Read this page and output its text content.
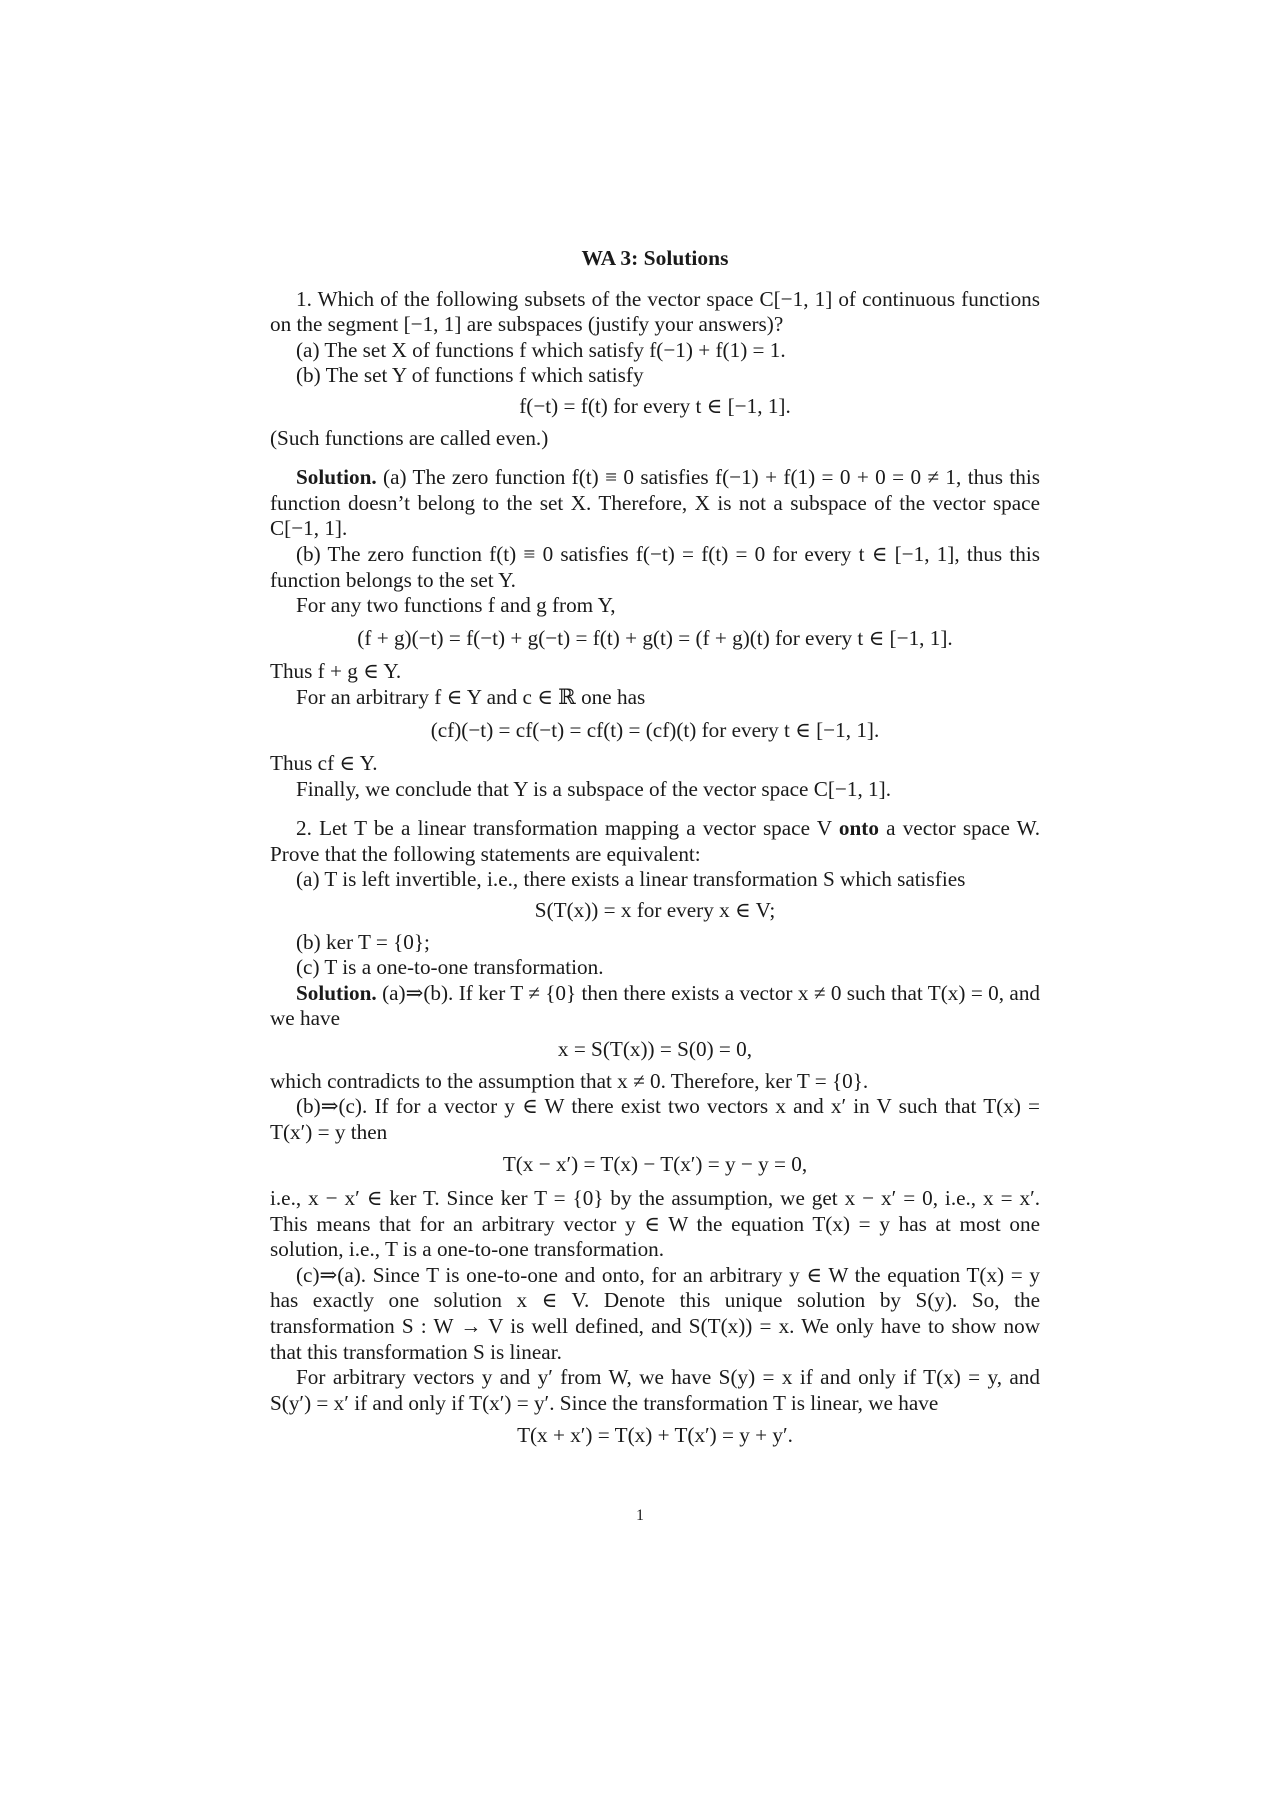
WA 3: Solutions

1. Which of the following subsets of the vector space C[−1, 1] of continuous functions on the segment [−1, 1] are subspaces (justify your answers)?

(a) The set X of functions f which satisfy f(−1) + f(1) = 1.

(b) The set Y of functions f which satisfy

f(−t) = f(t) for every t ∈ [−1, 1].

(Such functions are called even.)

Solution. (a) The zero function f(t) ≡ 0 satisfies f(−1) + f(1) = 0 + 0 = 0 ≠ 1, thus this function doesn’t belong to the set X. Therefore, X is not a subspace of the vector space C[−1, 1].

(b) The zero function f(t) ≡ 0 satisfies f(−t) = f(t) = 0 for every t ∈ [−1, 1], thus this function belongs to the set Y.

For any two functions f and g from Y,

(f + g)(−t) = f(−t) + g(−t) = f(t) + g(t) = (f + g)(t) for every t ∈ [−1, 1].

Thus f + g ∈ Y.

For an arbitrary f ∈ Y and c ∈ ℝ one has

(cf)(−t) = cf(−t) = cf(t) = (cf)(t) for every t ∈ [−1, 1].

Thus cf ∈ Y.

Finally, we conclude that Y is a subspace of the vector space C[−1, 1].

2. Let T be a linear transformation mapping a vector space V onto a vector space W. Prove that the following statements are equivalent:

(a) T is left invertible, i.e., there exists a linear transformation S which satisfies

S(T(x)) = x for every x ∈ V;

(b) ker T = {0};

(c) T is a one-to-one transformation.

Solution. (a)⇒(b). If ker T ≠ {0} then there exists a vector x ≠ 0 such that T(x) = 0, and we have

x = S(T(x)) = S(0) = 0,

which contradicts to the assumption that x ≠ 0. Therefore, ker T = {0}.

(b)⇒(c). If for a vector y ∈ W there exist two vectors x and x′ in V such that T(x) = T(x′) = y then

T(x − x′) = T(x) − T(x′) = y − y = 0,

i.e., x − x′ ∈ ker T. Since ker T = {0} by the assumption, we get x − x′ = 0, i.e., x = x′. This means that for an arbitrary vector y ∈ W the equation T(x) = y has at most one solution, i.e., T is a one-to-one transformation.

(c)⇒(a). Since T is one-to-one and onto, for an arbitrary y ∈ W the equation T(x) = y has exactly one solution x ∈ V. Denote this unique solution by S(y). So, the transformation S : W → V is well defined, and S(T(x)) = x. We only have to show now that this transformation S is linear.

For arbitrary vectors y and y′ from W, we have S(y) = x if and only if T(x) = y, and S(y′) = x′ if and only if T(x′) = y′. Since the transformation T is linear, we have

T(x + x′) = T(x) + T(x′) = y + y′.
1
